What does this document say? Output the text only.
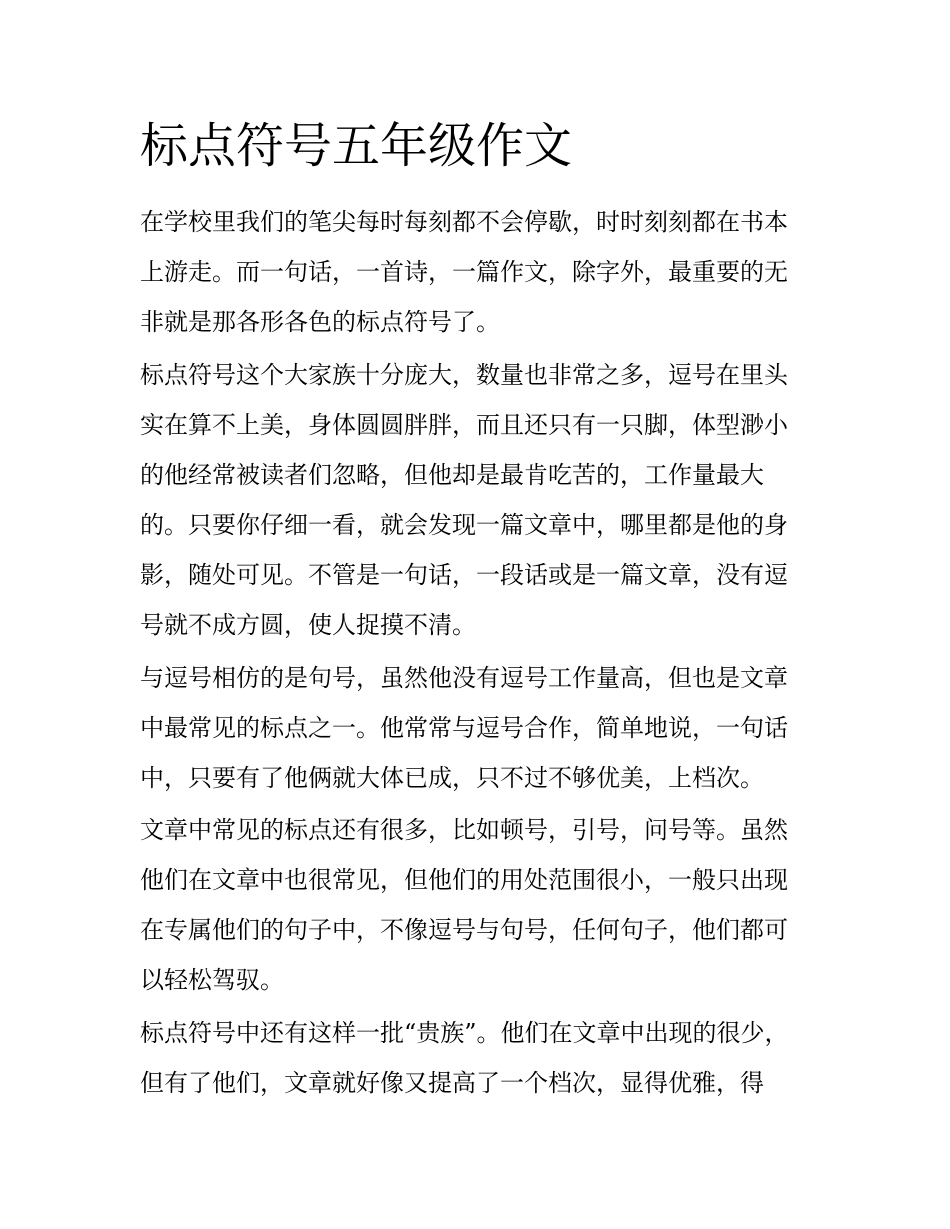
标点符号五年级作文
在学校里我们的笔尖每时每刻都不会停歇，时时刻刻都在书本
上游走。而一句话，一首诗，一篇作文，除字外，最重要的无
非就是那各形各色的标点符号了。
标点符号这个大家族十分庞大，数量也非常之多，逗号在里头
实在算不上美，身体圆圆胖胖，而且还只有一只脚，体型渺小
的他经常被读者们忽略，但他却是最肯吃苦的，工作量最大
的。只要你仔细一看，就会发现一篇文章中，哪里都是他的身
影，随处可见。不管是一句话，一段话或是一篇文章，没有逗
号就不成方圆，使人捉摸不清。
与逗号相仿的是句号，虽然他没有逗号工作量高，但也是文章
中最常见的标点之一。他常常与逗号合作，简单地说，一句话
中，只要有了他俩就大体已成，只不过不够优美，上档次。
文章中常见的标点还有很多，比如顿号，引号，问号等。虽然
他们在文章中也很常见，但他们的用处范围很小，一般只出现
在专属他们的句子中，不像逗号与句号，任何句子，他们都可
以轻松驾驭。
标点符号中还有这样一批“贵族”。他们在文章中出现的很少，
但有了他们，文章就好像又提高了一个档次，显得优雅，得
